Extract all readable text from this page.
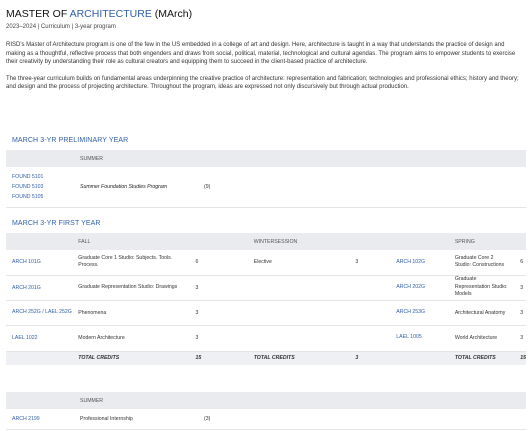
MASTER OF ARCHITECTURE (MArch)
2023–2024 | Curriculum | 3-year program

RISD's Master of Architecture program is one of the few in the US embedded in a college of art and design. Here, architecture is taught in a way that understands the practice of design and making as a thoughtful, reflective process that both engenders and draws from social, political, material, technological and cultural agendas. The program aims to empower students to exercise their creativity by understanding their role as cultural creators and equipping them to succeed in the client-based practice of architecture.

The three-year curriculum builds on fundamental areas underpinning the creative practice of architecture: representation and fabrication; technologies and professional ethics; history and theory; and design and the process of projecting architecture. Throughout the program, ideas are expressed not only discursively but through actual production.

MARCH 3-YR PRELIMINARY YEAR
	SUMMER	

FOUND 5101
FOUND 5103
FOUND 5105	Summer Foundation Studies Program	(9)
MARCH 3-YR FIRST YEAR
	FALL		WINTERSESSION			SPRING	
ARCH 101G	Graduate Core 1 Studio: Subjects. Tools. Process.	6	Elective	3	ARCH 102G	Graduate Core 2 Studio: Constructions	6
ARCH 201G	Graduate Representation Studio: Drawings	3			ARCH 202G	Graduate Representation Studio: Models	3
ARCH 252G / LAEL 252G	Phenomena	3			ARCH 253G	Architectural Anatomy	3
LAEL 1022	Modern Architecture	3			LAEL 1005	World Architecture	3
	TOTAL CREDITS	15	TOTAL CREDITS	3		TOTAL CREDITS	15
	SUMMER	
ARCH 2199	Professional Internship	(3)
